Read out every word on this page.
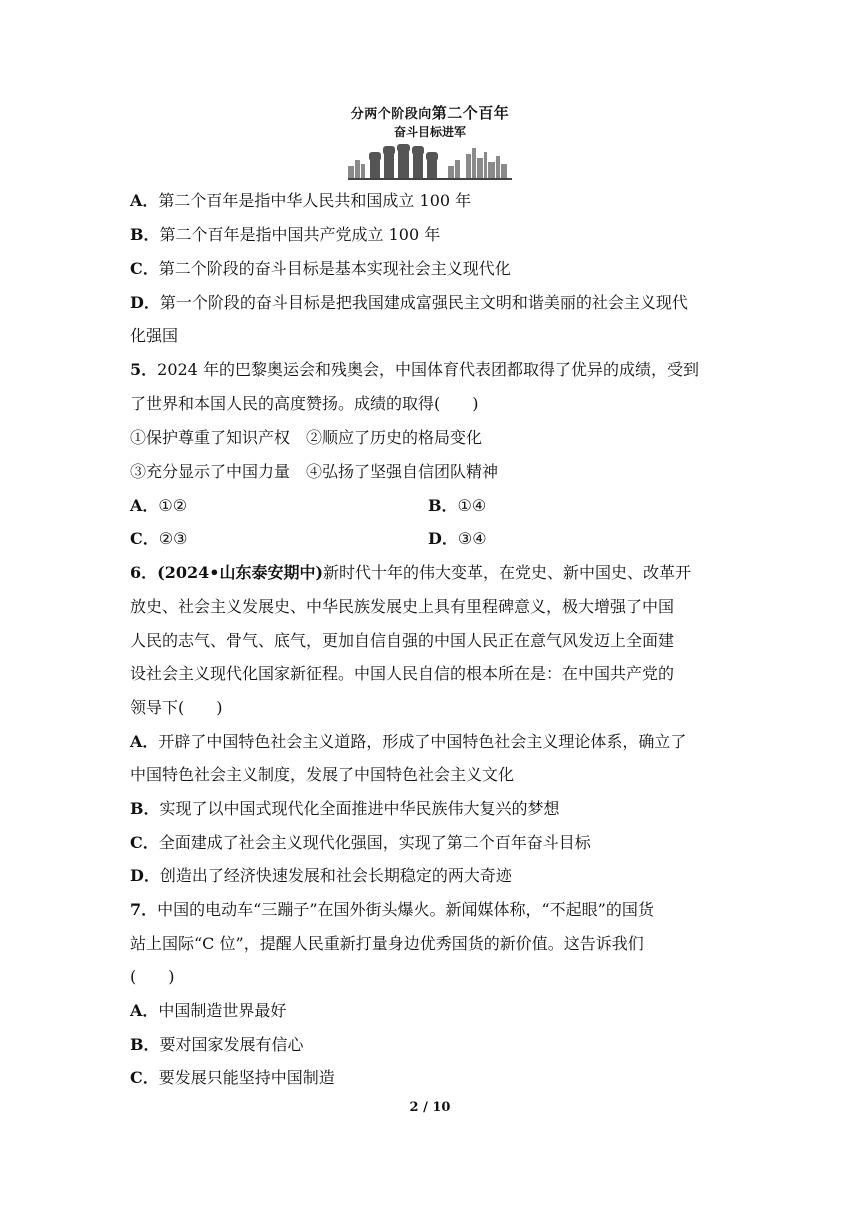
分两个阶段向第二个百年
奋斗目标进军
A．第二个百年是指中华人民共和国成立 100 年
B．第二个百年是指中国共产党成立 100 年
C．第二个阶段的奋斗目标是基本实现社会主义现代化
D．第一个阶段的奋斗目标是把我国建成富强民主文明和谐美丽的社会主义现代
化强国
5．2024 年的巴黎奥运会和残奥会，中国体育代表团都取得了优异的成绩，受到
了世界和本国人民的高度赞扬。成绩的取得(　　)
①保护尊重了知识产权　②顺应了历史的格局变化
③充分显示了中国力量　④弘扬了坚强自信团队精神
A．①②	B．①④
C．②③	D．③④
6．(2024•山东泰安期中)新时代十年的伟大变革，在党史、新中国史、改革开
放史、社会主义发展史、中华民族发展史上具有里程碑意义，极大增强了中国
人民的志气、骨气、底气，更加自信自强的中国人民正在意气风发迈上全面建
设社会主义现代化国家新征程。中国人民自信的根本所在是：在中国共产党的
领导下(　　)
A．开辟了中国特色社会主义道路，形成了中国特色社会主义理论体系，确立了
中国特色社会主义制度，发展了中国特色社会主义文化
B．实现了以中国式现代化全面推进中华民族伟大复兴的梦想
C．全面建成了社会主义现代化强国，实现了第二个百年奋斗目标
D．创造出了经济快速发展和社会长期稳定的两大奇迹
7．中国的电动车“三蹦子”在国外街头爆火。新闻媒体称，“不起眼”的国货
站上国际“C 位”，提醒人民重新打量身边优秀国货的新价值。这告诉我们
(　　)
A．中国制造世界最好
B．要对国家发展有信心
C．要发展只能坚持中国制造
2 / 10
